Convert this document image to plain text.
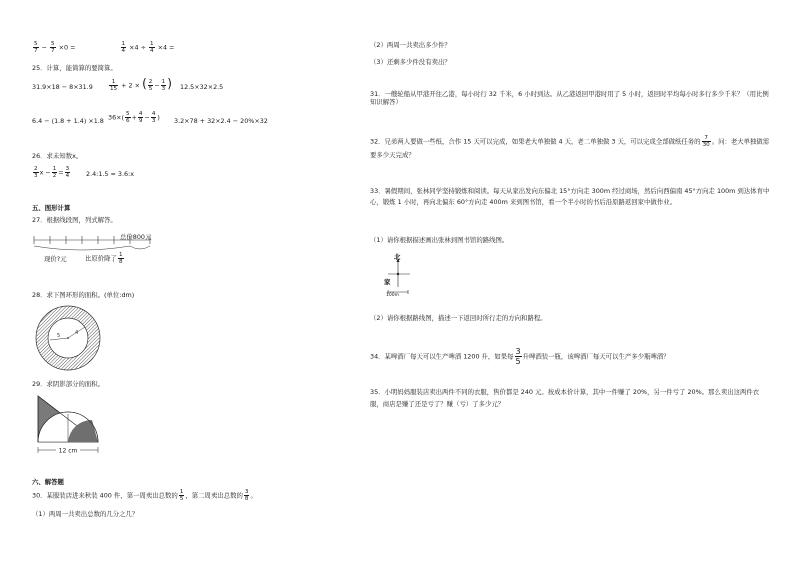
$\frac{5}{7} - \frac{5}{7} \times 0$ =	$\frac{1}{4} \times 4 \div \frac{1}{4} \times 4$ =
25．计算，能简算的要简算。
31.9×18 − 8×31.9	$\frac{1}{15} + 2$ × ( $\frac{2}{5} - \frac{1}{3}$ ) 12.5×32×2.5
6.4 − (1.8 + 1.4) ×1.8 $36\times( \frac{5}{6} + \frac{4}{9} - \frac{4}{3}$ ) 3.2×78 + 32×2.4 − 20%×32
26．求未知数x。
$\frac{2}{3}$ $x - \frac{1}{2} = \frac{3}{4}$ 2.4:1.5 = 3.6:x
五、图形计算
27．根据线段图，列式解答。
总价800元
现价?元	比原价降了 $\frac{1}{8}$
28．求下图环形的面积。(单位:dm)
4
5
29．求阴影部分的面积。
12 cm
六、解答题
30．某服装店进来秋装 400 件，第一周卖出总数的 $\frac{1}{5}$ ，第二周卖出总数的 $\frac{3}{8}$ 。
（1）两周一共卖出总数的几分之几？
（2）两周一共卖出多少件？
（3）还剩多少件没有卖出？
31．一艘轮船从甲港开往乙港，每小时行 32 千米，6 小时到达。从乙港返回甲港时用了 5 小时，返回时平均每小时多行多少千米？（用比例知识解答）
32．兄弟两人要做一些纸，合作 15 天可以完成，如果老大单独做 4 天，老二单独做 3 天，可以完成全部做纸任务的 $\frac{7}{30}$ 。问：老大单独做需要多少天完成？
33．暑假期间，张林同学坚持锻炼和阅读。每天从家出发向东偏北 15°方向走 300m 经过商场，然后向西偏南 45°方向走 100m 到达体育中心，锻炼 1 小时，再向北偏东 60°方向走 400m 来到图书馆，看一个半小时的书后沿原路返回家中做作业。
（1）请你根据描述画出张林到图书馆的路线图。
北
家
100m
（2）请你根据路线图，描述一下返回时所行走的方向和路程。
34．某啤酒厂每天可以生产啤酒 1200 升，如果每 $\frac{3}{5}$ 升啤酒装一瓶，该啤酒厂每天可以生产多少瓶啤酒？
35．小明妈妈服装店卖出两件不同的衣服，售价都是 240 元。按成本价计算，其中一件赚了 20%，另一件亏了 20%。那么卖出这两件衣服，商店是赚了还是亏了？赚（亏）了多少元？
